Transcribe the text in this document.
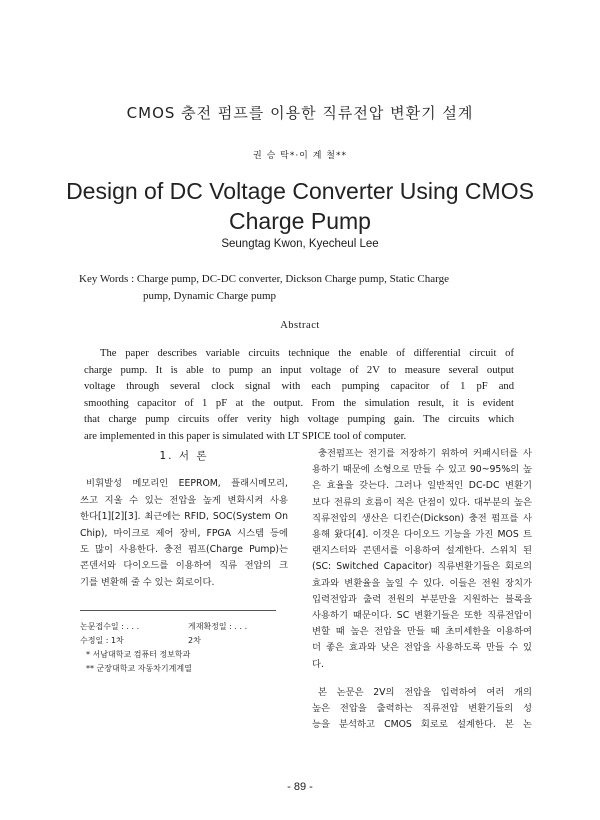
CMOS 충전 펌프를 이용한 직류전압 변환기 설계
권 승 탁*·이 계 철**
Design of DC Voltage Converter Using CMOS
Charge Pump
Seungtag Kwon, Kyecheul Lee
Key Words : Charge pump, DC-DC converter, Dickson Charge pump, Static Charge
pump, Dynamic Charge pump
Abstract
The paper describes variable circuits technique the enable of differential circuit of
charge pump. It is able to pump an input voltage of 2V to measure several output
voltage through several clock signal with each pumping capacitor of 1 pF and
smoothing capacitor of 1 pF at the output. From the simulation result, it is evident
that charge pump circuits offer verity high voltage pumping gain. The circuits which
are implemented in this paper is simulated with LT SPICE tool of computer.
1. 서 론
비휘발성 메모리인 EEPROM, 플래시메모리,
쓰고 지울 수 있는 전압을 높게 변화시켜 사용
한다[1][2][3]. 최근에는 RFID, SOC(System On
Chip), 마이크로 제어 장비, FPGA 시스템 등에
도 많이 사용한다. 충전 펌프(Charge Pump)는
콘덴서와 다이오드를 이용하여 직류 전압의 크
기를 변환해 줄 수 있는 회로이다.
논문접수일 : . . .	게재확정일 : . . .
수정일 : 1차	2차
* 서남대학교 컴퓨터 정보학과
** 군장대학교 자동차기계계열
충전펌프는 전기를 저장하기 위하여 커패시터를 사
용하기 때문에 소형으로 만들 수 있고 90~95%의 높
은 효율을 갖는다. 그러나 일반적인 DC-DC 변환기
보다 전류의 흐름이 적은 단점이 있다. 대부분의 높은
직류전압의 생산은 디킨슨(Dickson) 충전 펌프를 사
용해 왔다[4]. 이것은 다이오드 기능을 가진 MOS 트
랜지스터와 콘덴서를 이용하여 설계한다. 스위치 된
(SC: Switched Capacitor) 직류변환기들은 회로의
효과와 변환율을 높일 수 있다. 이들은 전원 장치가
입력전압과 출력 전원의 부분만을 지원하는 블록을
사용하기 때문이다. SC 변환기들은 또한 직류전압이
변할 때 높은 전압을 만들 때 초미세한을 이용하여
더 좋은 효과와 낮은 전압을 사용하도록 만들 수 있
다.
본 논문은 2V의 전압을 입력하여 여러 개의
높은 전압을 출력하는 직류전압 변환기들의 성
능을 분석하고 CMOS 회로로 설계한다. 본 논
- 89 -
